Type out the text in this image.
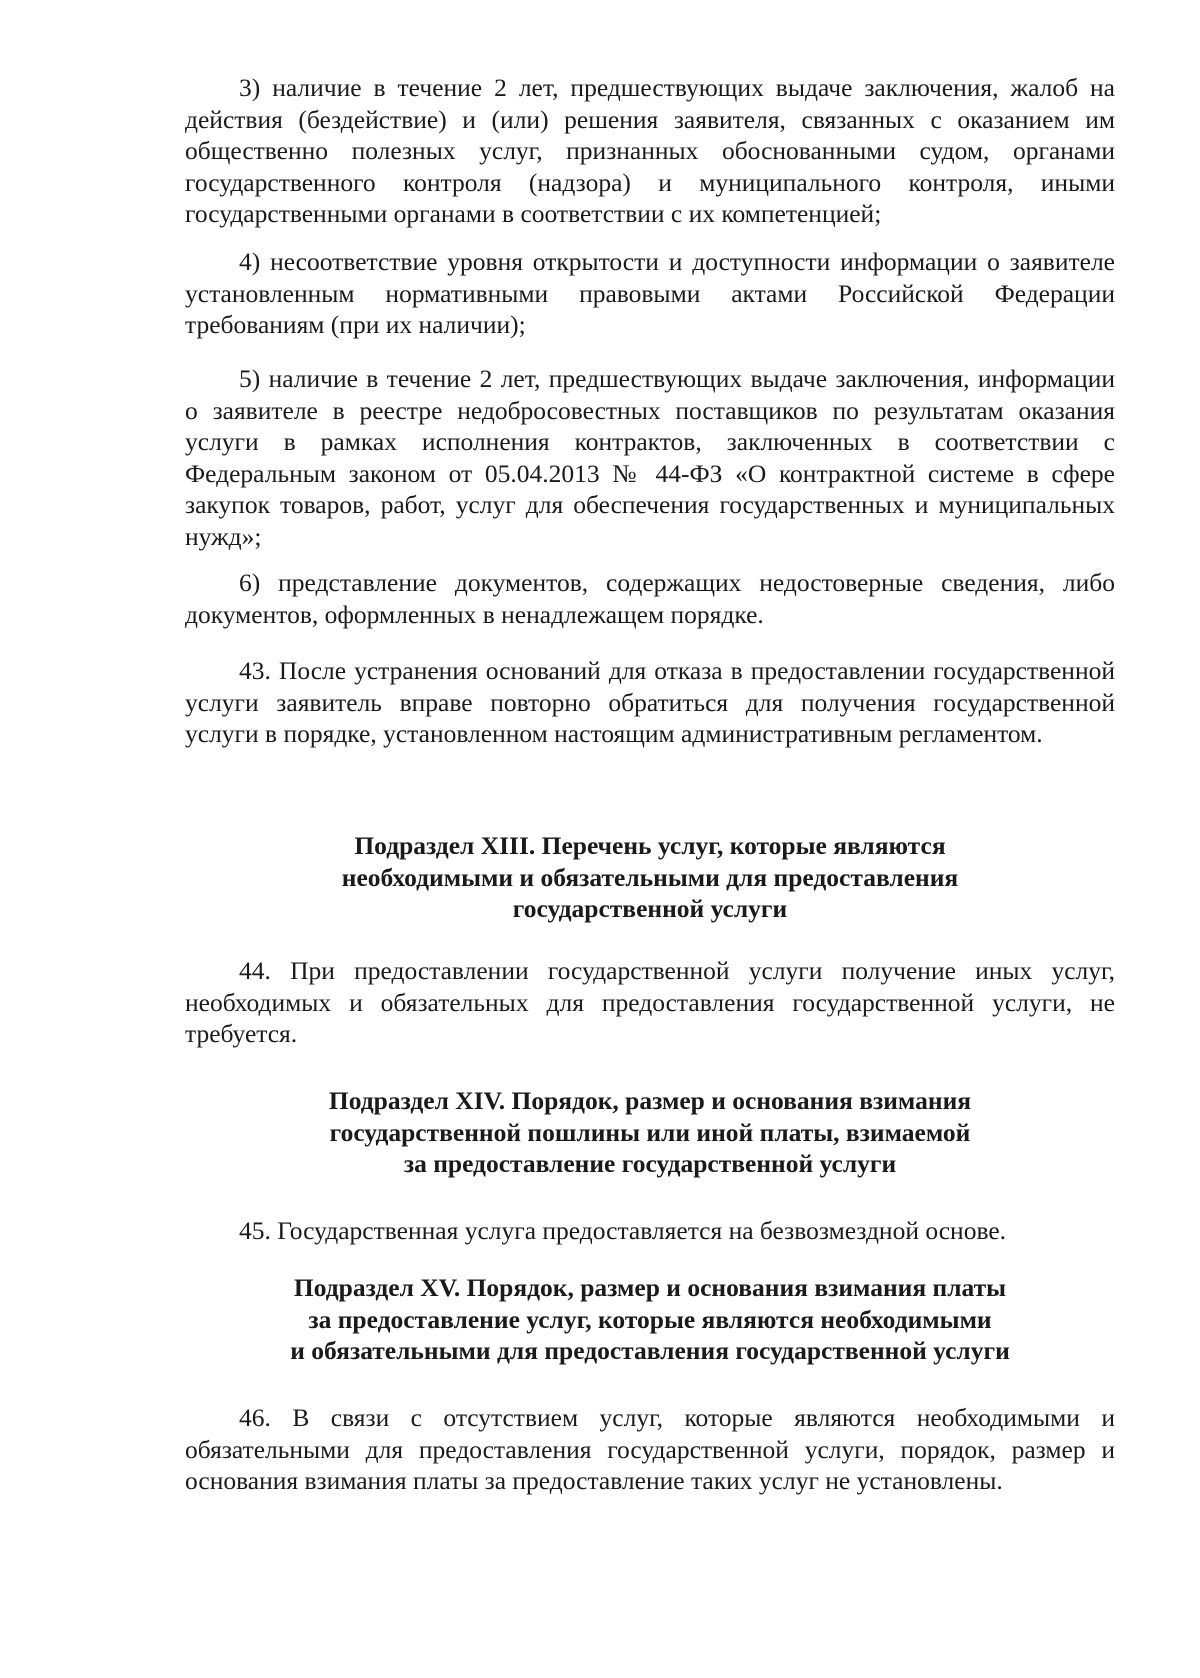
3) наличие в течение 2 лет, предшествующих выдаче заключения, жалоб на действия (бездействие) и (или) решения заявителя, связанных с оказанием им общественно полезных услуг, признанных обоснованными судом, органами государственного контроля (надзора) и муниципального контроля, иными государственными органами в соответствии с их компетенцией;

4) несоответствие уровня открытости и доступности информации о заявителе установленным нормативными правовыми актами Российской Федерации требованиям (при их наличии);

5) наличие в течение 2 лет, предшествующих выдаче заключения, информации о заявителе в реестре недобросовестных поставщиков по результатам оказания услуги в рамках исполнения контрактов, заключенных в соответствии с Федеральным законом от 05.04.2013 № 44-ФЗ «О контрактной системе в сфере закупок товаров, работ, услуг для обеспечения государственных и муниципальных нужд»;

6) представление документов, содержащих недостоверные сведения, либо документов, оформленных в ненадлежащем порядке.

43. После устранения оснований для отказа в предоставлении государственной услуги заявитель вправе повторно обратиться для получения государственной услуги в порядке, установленном настоящим административным регламентом.

Подраздел XIII. Перечень услуг, которые являются
необходимыми и обязательными для предоставления
государственной услуги

44. При предоставлении государственной услуги получение иных услуг, необходимых и обязательных для предоставления государственной услуги, не требуется.

Подраздел XIV. Порядок, размер и основания взимания
государственной пошлины или иной платы, взимаемой
за предоставление государственной услуги

45. Государственная услуга предоставляется на безвозмездной основе.

Подраздел XV. Порядок, размер и основания взимания платы
за предоставление услуг, которые являются необходимыми
и обязательными для предоставления государственной услуги

46. В связи с отсутствием услуг, которые являются необходимыми и обязательными для предоставления государственной услуги, порядок, размер и основания взимания платы за предоставление таких услуг не установлены.
